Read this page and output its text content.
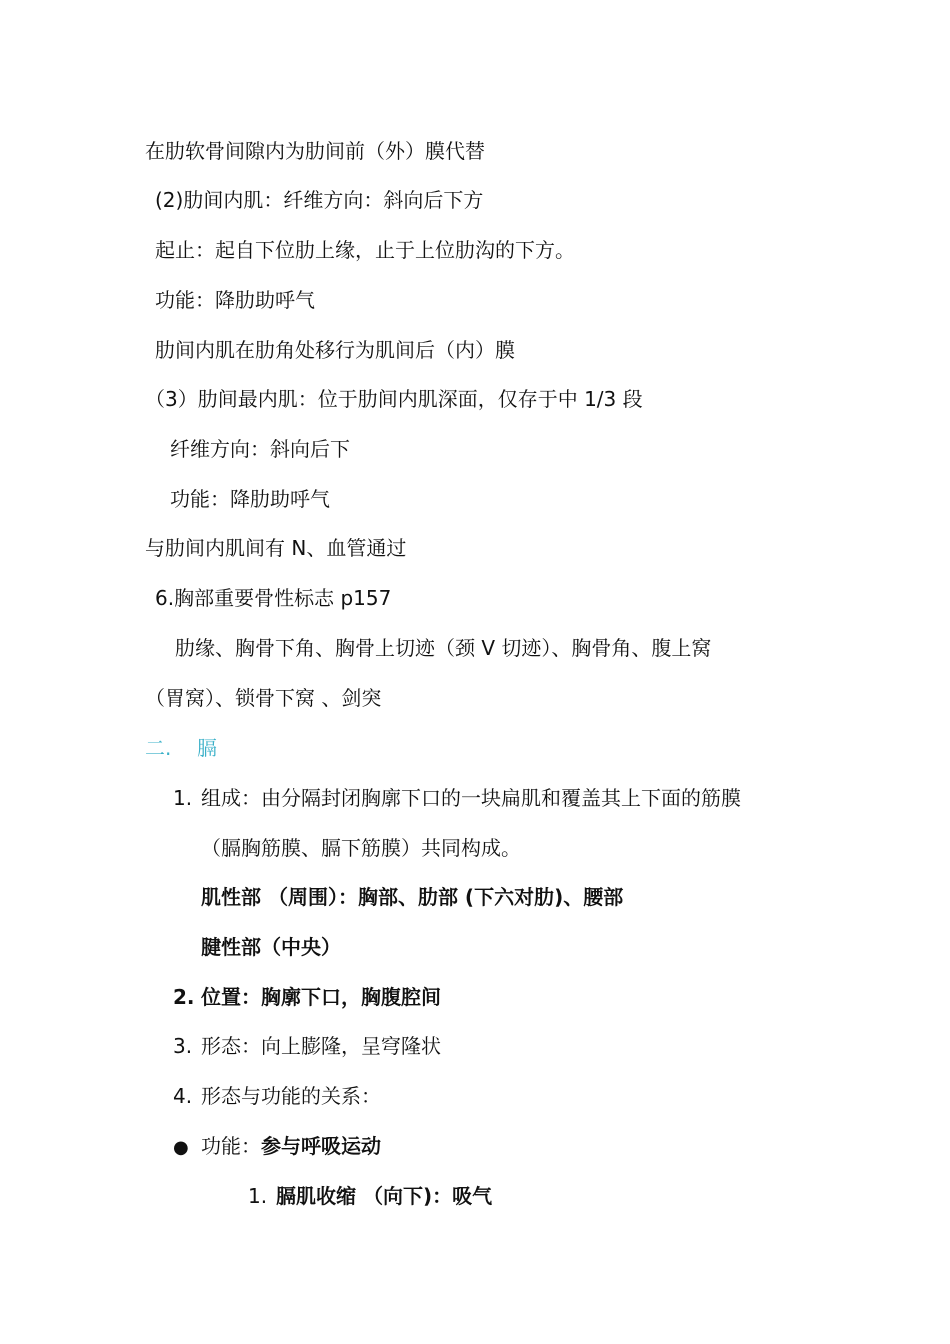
在肋软骨间隙内为肋间前（外）膜代替
(2)肋间内肌：纤维方向：斜向后下方
起止：起自下位肋上缘，止于上位肋沟的下方。
功能：降肋助呼气
肋间内肌在肋角处移行为肌间后（内）膜
（3）肋间最内肌：位于肋间内肌深面，仅存于中 1/3 段
纤维方向：斜向后下
功能：降肋助呼气
与肋间内肌间有 N、血管通过
6.胸部重要骨性标志 p157
肋缘、胸骨下角、胸骨上切迹（颈 V 切迹）、胸骨角、腹上窝
（胃窝）、锁骨下窝 、剑突
二. 膈
1. 组成：由分隔封闭胸廓下口的一块扁肌和覆盖其上下面的筋膜
（膈胸筋膜、膈下筋膜）共同构成。
肌性部 （周围）：胸部、肋部 (下六对肋)、腰部
腱性部（中央）
2. 位置：胸廓下口，胸腹腔间
3. 形态：向上膨隆，呈穹隆状
4. 形态与功能的关系：
● 功能：参与呼吸运动
1. 膈肌收缩 （向下)：吸气
